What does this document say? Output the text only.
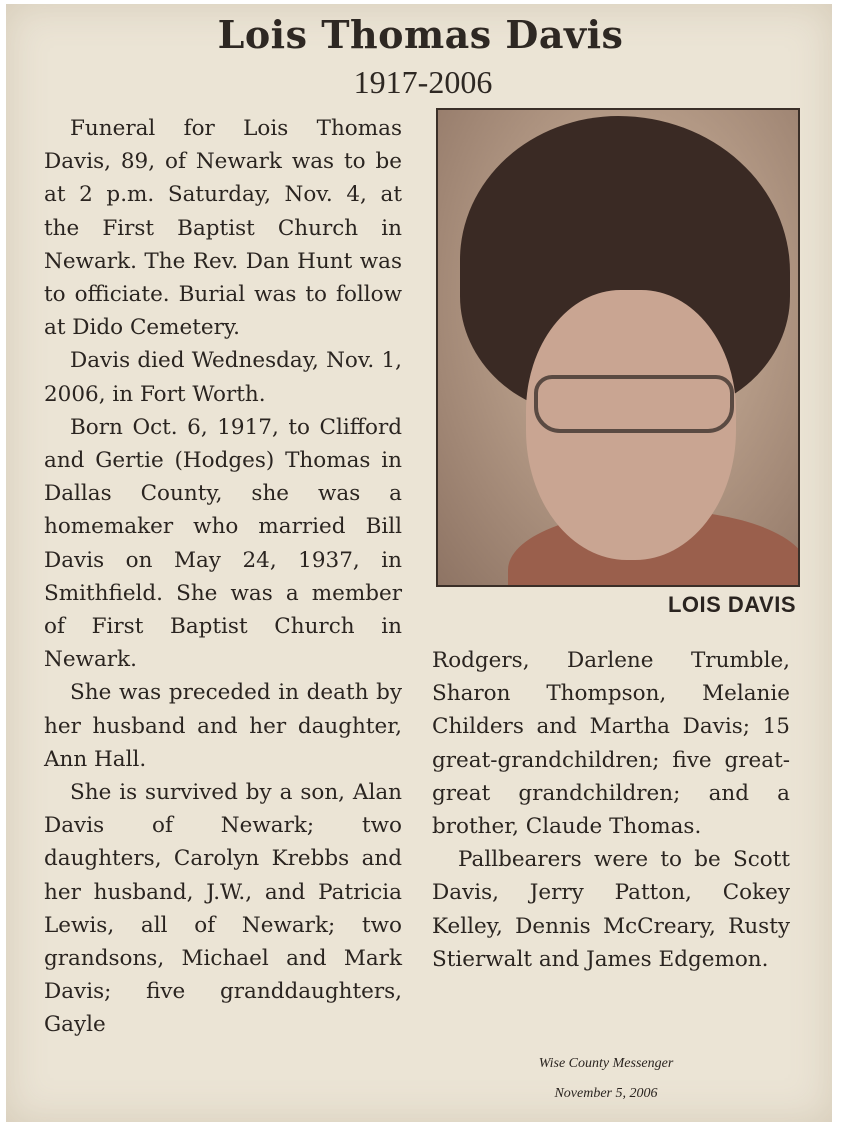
Lois Thomas Davis
1917-2006

Funeral for Lois Thomas Davis, 89, of Newark was to be at 2 p.m. Saturday, Nov. 4, at the First Baptist Church in Newark. The Rev. Dan Hunt was to officiate. Burial was to follow at Dido Cemetery.

Davis died Wednesday, Nov. 1, 2006, in Fort Worth.

Born Oct. 6, 1917, to Clifford and Gertie (Hodges) Thomas in Dallas County, she was a homemaker who married Bill Davis on May 24, 1937, in Smithfield. She was a member of First Baptist Church in Newark.

She was preceded in death by her husband and her daughter, Ann Hall.

She is survived by a son, Alan Davis of Newark; two daughters, Carolyn Krebbs and her husband, J.W., and Patricia Lewis, all of Newark; two grandsons, Michael and Mark Davis; five granddaughters, Gayle

LOIS DAVIS

Rodgers, Darlene Trumble, Sharon Thompson, Melanie Childers and Martha Davis; 15 great-grandchildren; five great-great grandchildren; and a brother, Claude Thomas.

Pallbearers were to be Scott Davis, Jerry Patton, Cokey Kelley, Dennis McCreary, Rusty Stierwalt and James Edgemon.

Wise County Messenger
November 5, 2006
